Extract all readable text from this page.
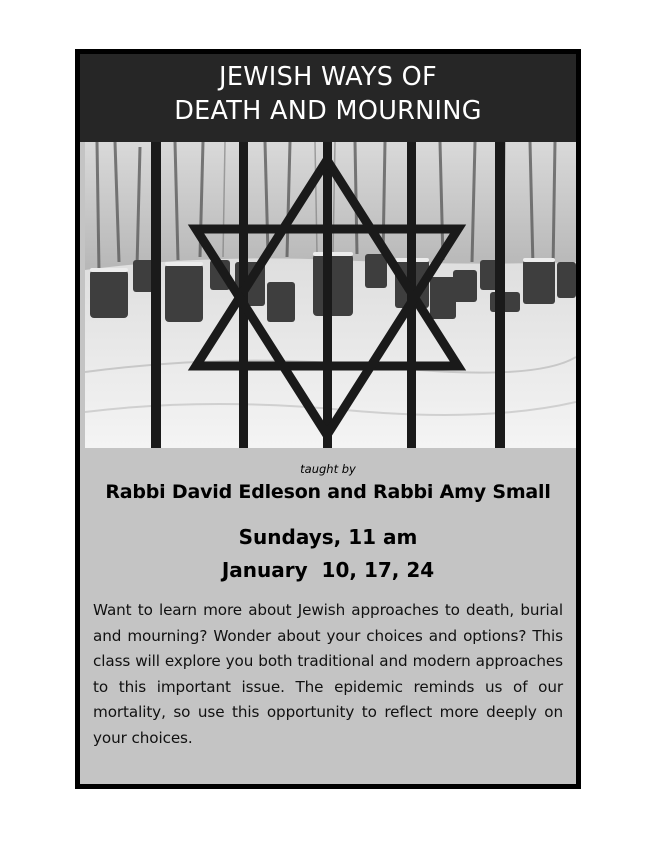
JEWISH WAYS OF
DEATH AND MOURNING
taught by
Rabbi David Edleson and Rabbi Amy Small
Sundays, 11 am
January  10, 17, 24
Want to learn more about Jewish approaches to death, burial and mourning? Wonder about your choices and options? This class will explore you both traditional and modern approaches to this important issue. The epidemic reminds us of our mortality, so use this opportunity to reflect more deeply on your choices.
